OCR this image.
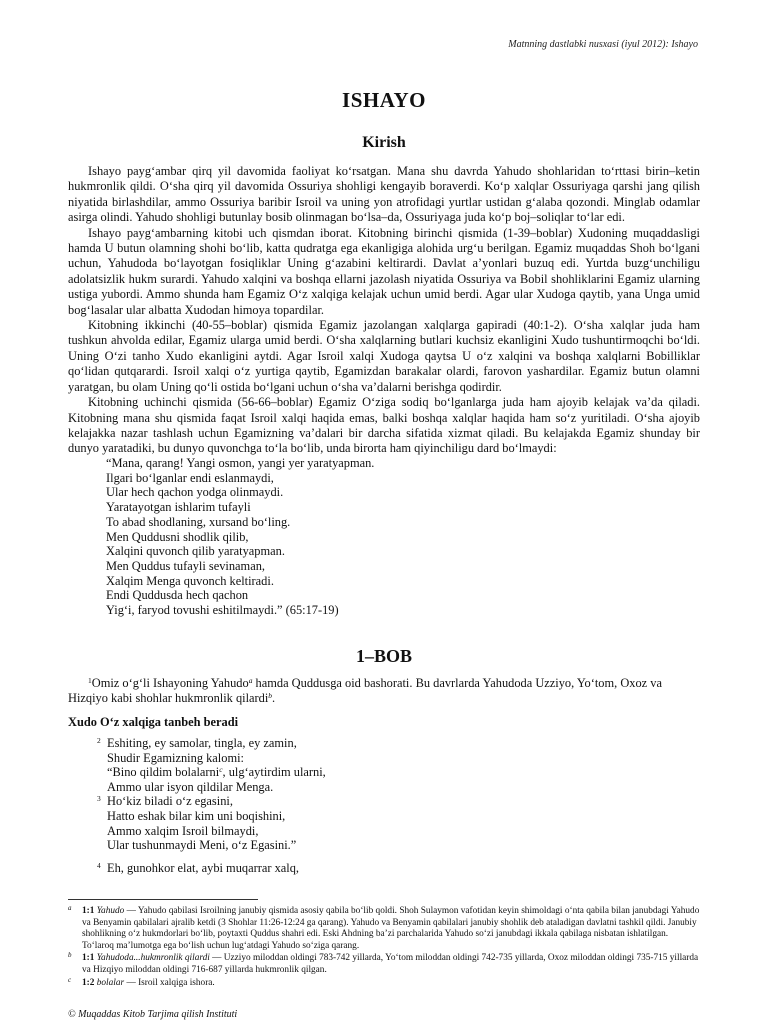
Matnning dastlabki nusxasi (iyul 2012): Ishayo
ISHAYO
Kirish

Ishayo payg‘ambar qirq yil davomida faoliyat ko‘rsatgan. Mana shu davrda Yahudo shohlaridan to‘rttasi birin–ketin hukmronlik qildi. O‘sha qirq yil davomida Ossuriya shohligi kengayib boraverdi. Ko‘p xalqlar Ossuriyaga qarshi jang qilish niyatida birlashdilar, ammo Ossuriya baribir Isroil va uning yon atrofidagi yurtlar ustidan g‘alaba qozondi. Minglab odamlar asirga olindi. Yahudo shohligi butunlay bosib olinmagan bo‘lsa–da, Ossuriyaga juda ko‘p boj–soliqlar to‘lar edi.

Ishayo payg‘ambarning kitobi uch qismdan iborat. Kitobning birinchi qismida (1-39–boblar) Xudoning muqaddasligi hamda U butun olamning shohi bo‘lib, katta qudratga ega ekanligiga alohida urg‘u berilgan. Egamiz muqaddas Shoh bo‘lgani uchun, Yahudoda bo‘layotgan fosiqliklar Uning g‘azabini keltirardi. Davlat a’yonlari buzuq edi. Yurtda buzg‘unchiligu adolatsizlik hukm surardi. Yahudo xalqini va boshqa ellarni jazolash niyatida Ossuriya va Bobil shohliklarini Egamiz ularning ustiga yubordi. Ammo shunda ham Egamiz O‘z xalqiga kelajak uchun umid berdi. Agar ular Xudoga qaytib, yana Unga umid bog‘lasalar ular albatta Xudodan himoya topardilar.

Kitobning ikkinchi (40-55–boblar) qismida Egamiz jazolangan xalqlarga gapiradi (40:1-2). O‘sha xalqlar juda ham tushkun ahvolda edilar, Egamiz ularga umid berdi. O‘sha xalqlarning butlari kuchsiz ekanligini Xudo tushuntirmoqchi bo‘ldi. Uning O‘zi tanho Xudo ekanligini aytdi. Agar Isroil xalqi Xudoga qaytsa U o‘z xalqini va boshqa xalqlarni Bobilliklar qo‘lidan qutqarardi. Isroil xalqi o‘z yurtiga qaytib, Egamizdan barakalar olardi, farovon yashardilar. Egamiz butun olamni yaratgan, bu olam Uning qo‘li ostida bo‘lgani uchun o‘sha va’dalarni berishga qodirdir.

Kitobning uchinchi qismida (56-66–boblar) Egamiz O‘ziga sodiq bo‘lganlarga juda ham ajoyib kelajak va’da qiladi. Kitobning mana shu qismida faqat Isroil xalqi haqida emas, balki boshqa xalqlar haqida ham so‘z yuritiladi. O‘sha ajoyib kelajakka nazar tashlash uchun Egamizning va’dalari bir darcha sifatida xizmat qiladi. Bu kelajakda Egamiz shunday bir dunyo yaratadiki, bu dunyo quvonchga to‘la bo‘lib, unda birorta ham qiyinchiligu dard bo‘lmaydi:

“Mana, qarang! Yangi osmon, yangi yer yaratyapman.
Ilgari bo‘lganlar endi eslanmaydi,
Ular hech qachon yodga olinmaydi.
Yaratayotgan ishlarim tufayli
To abad shodlaning, xursand bo‘ling.
Men Quddusni shodlik qilib,
Xalqini quvonch qilib yaratyapman.
Men Quddus tufayli sevinaman,
Xalqim Menga quvonch keltiradi.
Endi Quddusda hech qachon
Yig‘i, faryod tovushi eshitilmaydi.” (65:17-19)
1–BOB

$^1$Omiz o‘g‘li Ishayoning Yahudo$^a$ hamda Quddusga oid bashorati. Bu davrlarda Yahudoda Uzziyo, Yo‘tom, Oxoz va Hizqiyo kabi shohlar hukmronlik qilardi$^b$.

Xudo O‘z xalqiga tanbeh beradi
$^2$ Eshiting, ey samolar, tingla, ey zamin,
Shudir Egamizning kalomi:
“Bino qildim bolalarni$^c$, ulg‘aytirdim ularni,
Ammo ular isyon qildilar Menga.
$^3$ Ho‘kiz biladi o‘z egasini,
Hatto eshak bilar kim uni boqishini,
Ammo xalqim Isroil bilmaydi,
Ular tushunmaydi Meni, o‘z Egasini.”
$^4$ Eh, gunohkor elat, aybi muqarrar xalq,
a 1:1 Yahudo — Yahudo qabilasi Isroilning janubiy qismida asosiy qabila bo‘lib qoldi. Shoh Sulaymon vafotidan keyin shimoldagi o‘nta qabila bilan janubdagi Yahudo va Benyamin qabilalari ajralib ketdi (3 Shohlar 11:26-12:24 ga qarang). Yahudo va Benyamin qabilalari janubiy shohlik deb ataladigan davlatni tashkil qildi. Janubiy shohlikning o‘z hukmdorlari bo‘lib, poytaxti Quddus shahri edi. Eski Ahdning ba’zi parchalarida Yahudo so‘zi janubdagi ikkala qabilaga nisbatan ishlatilgan. To‘laroq ma’lumotga ega bo‘lish uchun lug‘atdagi Yahudo so‘ziga qarang.
b 1:1 Yahudoda...hukmronlik qilardi — Uzziyo miloddan oldingi 783-742 yillarda, Yo‘tom miloddan oldingi 742-735 yillarda, Oxoz miloddan oldingi 735-715 yillarda va Hizqiyo miloddan oldingi 716-687 yillarda hukmronlik qilgan.
c 1:2 bolalar — Isroil xalqiga ishora.
© Muqaddas Kitob Tarjima qilish Instituti
